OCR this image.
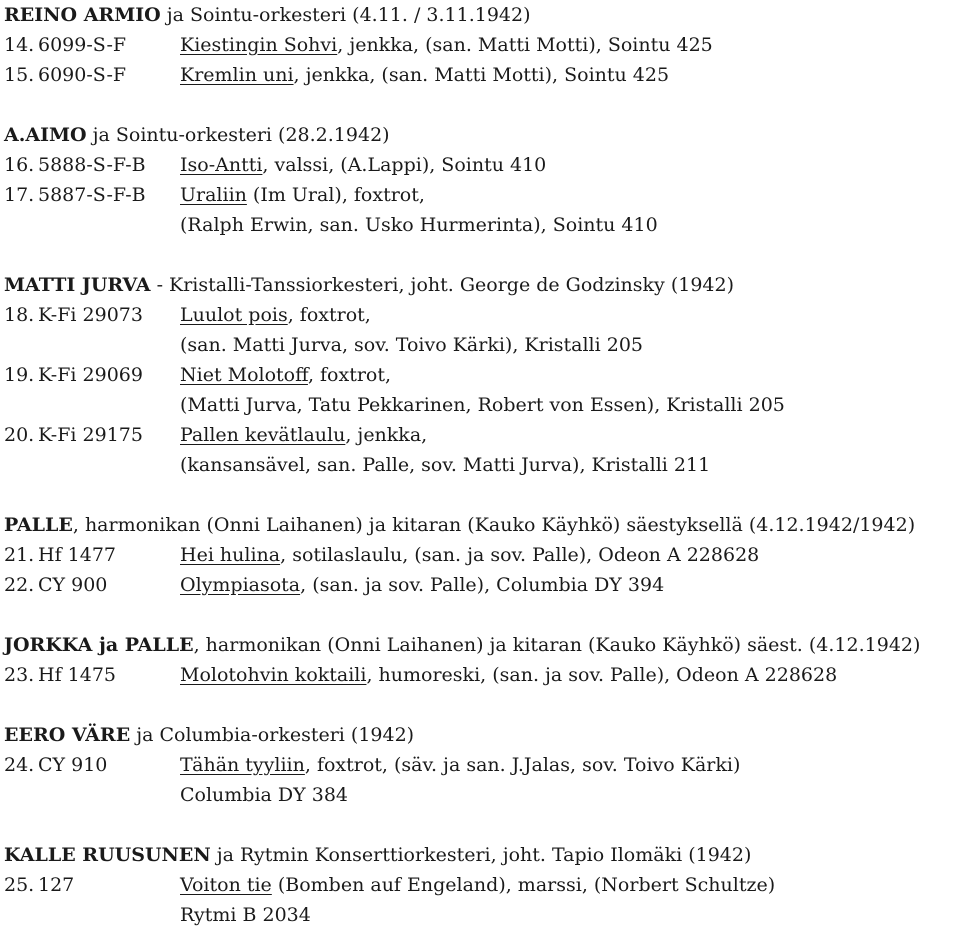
REINO ARMIO ja Sointu-orkesteri (4.11. / 3.11.1942)
14. 6099-S-F	Kiestingin Sohvi, jenkka, (san. Matti Motti), Sointu 425
15. 6090-S-F	Kremlin uni, jenkka, (san. Matti Motti), Sointu 425
A.AIMO ja Sointu-orkesteri (28.2.1942)
16. 5888-S-F-B Iso-Antti, valssi, (A.Lappi), Sointu 410
17. 5887-S-F-B Uraliin (Im Ural), foxtrot,
(Ralph Erwin, san. Usko Hurmerinta), Sointu 410
MATTI JURVA - Kristalli-Tanssiorkesteri, joht. George de Godzinsky (1942)
18. K-Fi 29073 Luulot pois, foxtrot,
(san. Matti Jurva, sov. Toivo Kärki), Kristalli 205
19. K-Fi 29069 Niet Molotoff, foxtrot,
(Matti Jurva, Tatu Pekkarinen, Robert von Essen), Kristalli 205
20. K-Fi 29175 Pallen kevätlaulu, jenkka,
(kansansävel, san. Palle, sov. Matti Jurva), Kristalli 211
PALLE, harmonikan (Onni Laihanen) ja kitaran (Kauko Käyhkö) säestyksellä (4.12.1942/1942)
21. Hf 1477	Hei hulina, sotilaslaulu, (san. ja sov. Palle), Odeon A 228628
22. CY 900	Olympiasota, (san. ja sov. Palle), Columbia DY 394
JORKKA ja PALLE, harmonikan (Onni Laihanen) ja kitaran (Kauko Käyhkö) säest. (4.12.1942)
23. Hf 1475	Molotohvin koktaili, humoreski, (san. ja sov. Palle), Odeon A 228628
EERO VÄRE ja Columbia-orkesteri (1942)
24. CY 910	Tähän tyyliin, foxtrot, (säv. ja san. J.Jalas, sov. Toivo Kärki)
Columbia DY 384
KALLE RUUSUNEN ja Rytmin Konserttiorkesteri, joht. Tapio Ilomäki (1942)
25. 127	Voiton tie (Bomben auf Engeland), marssi, (Norbert Schultze)
Rytmi B 2034
